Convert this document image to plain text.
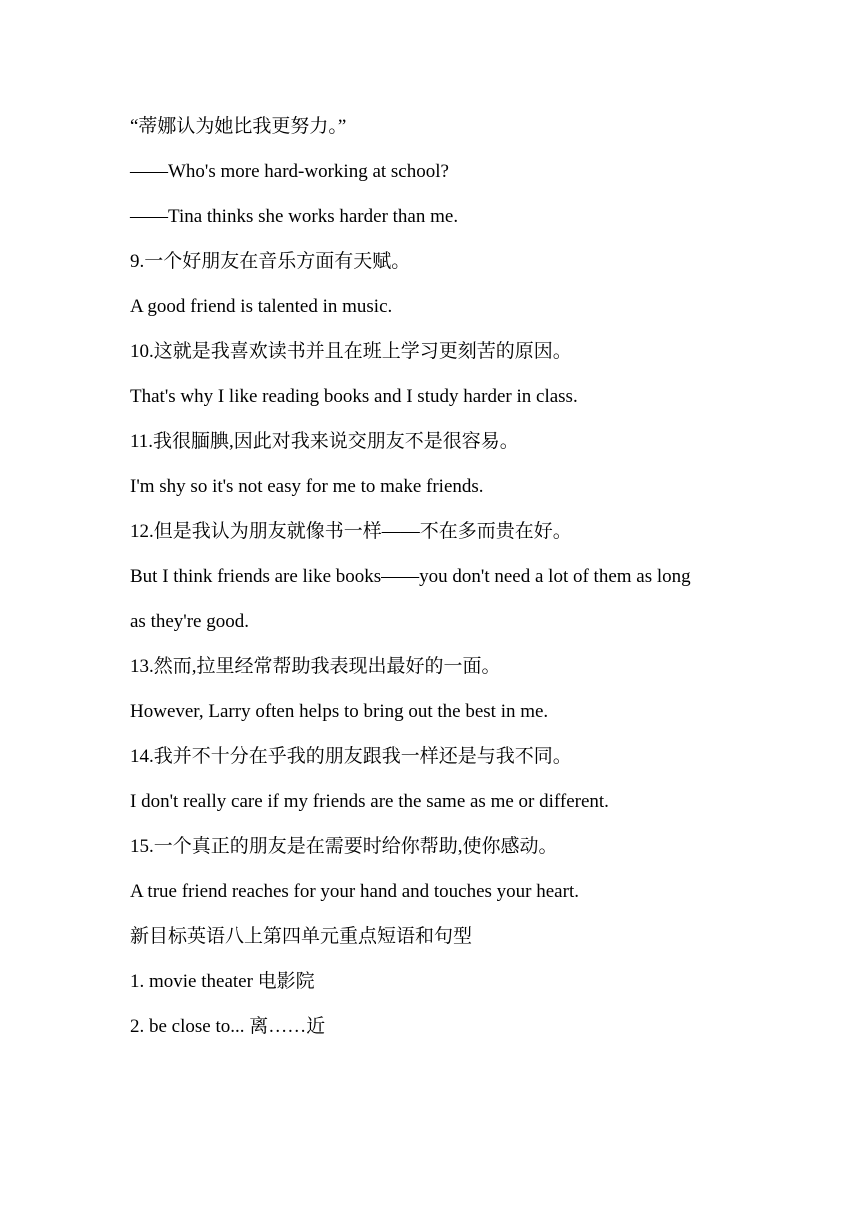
“蒂娜认为她比我更努力。”

——Who's more hard-working at school?

——Tina thinks she works harder than me.

9.一个好朋友在音乐方面有天赋。

A good friend is talented in music.

10.这就是我喜欢读书并且在班上学习更刻苦的原因。

That's why I like reading books and I study harder in class.

11.我很腼腆,因此对我来说交朋友不是很容易。

I'm shy so it's not easy for me to make friends.

12.但是我认为朋友就像书一样——不在多而贵在好。

But I think friends are like books——you don't need a lot of them as long

as they're good.

13.然而,拉里经常帮助我表现出最好的一面。

However, Larry often helps to bring out the best in me.

14.我并不十分在乎我的朋友跟我一样还是与我不同。

I don't really care if my friends are the same as me or different.

15.一个真正的朋友是在需要时给你帮助,使你感动。

A true friend reaches for your hand and touches your heart.

新目标英语八上第四单元重点短语和句型

1. movie theater 电影院

2. be close to... 离……近
